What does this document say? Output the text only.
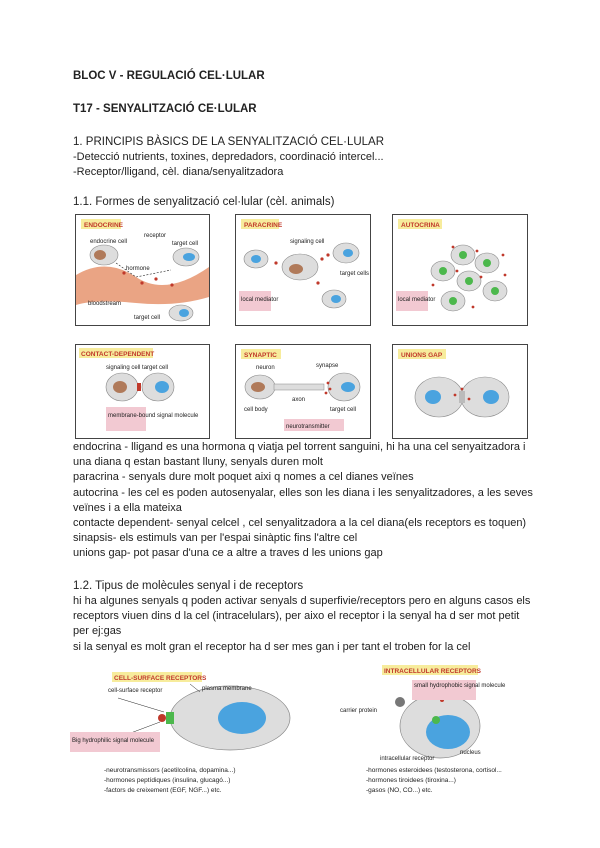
BLOC V - REGULACIÓ CEL·LULAR
T17 - SENYALITZACIÓ CE·LULAR
1. PRINCIPIS BÀSICS DE LA SENYALITZACIÓ CEL·LULAR

-Detecció nutrients, toxines, depredadors, coordinació intercel...

-Receptor/lligand, cèl. diana/senyalitzadora

1.1. Formes de senyalització cel·lular (cèl. animals)
ENDOCRINE
endocrine cell
receptor
target cell
hormone
bloodstream
target cell
PARACRINE
signaling cell
target cells
local mediator
AUTOCRINA
local mediator
CONTACT-DEPENDENT
signaling cell target cell
membrane-bound signal molecule
SYNAPTIC
neuron	synapse
axon
target cell
cell body
neurotransmitter
UNIONS GAP

endocrina - lligand es una hormona q viatja pel torrent sanguini, hi ha una cel senyaitzadora i una diana q estan bastant lluny, senyals duren molt

paracrina - senyals dure molt poquet aixi q nomes a cel dianes veïnes

autocrina - les cel es poden autosenyalar, elles son les diana i les senyalitzadores, a les seves veïnes i a ella mateixa

contacte dependent- senyal celcel , cel senyalitzadora a la cel diana(els receptors es toquen)

sinapsis- els estimuls van per l'espai sinàptic fins l'altre cel

unions gap- pot pasar d'una ce a altre a traves d les unions gap

1.2. Tipus de molècules senyal i de receptors

hi ha algunes senyals q poden activar senyals d superfivie/receptors pero en alguns casos els receptors viuen dins d la cel (intracelulars), per aixo el receptor i la senyal ha d ser mot petit per ej:gas

si la senyal es molt gran el receptor ha d ser mes gan i per tant el troben for la cel

CELL-SURFACE RECEPTORS
cell-surface receptor	plasma membrane
Big hydrophilic signal molecule
-neurotransmissors (acetilcolina, dopamina...)
-hormones peptídiques (insulina, glucagó...)
-factors de creixement (EGF, NGF...) etc.
INTRACELLULAR RECEPTORS
small hydrophobic signal molecule
carrier protein
nucleus
intracellular receptor
-hormones esteroidees (testosterona, cortisol...
-hormones tiroidees (tiroxina...)
-gasos (NO, CO...) etc.
